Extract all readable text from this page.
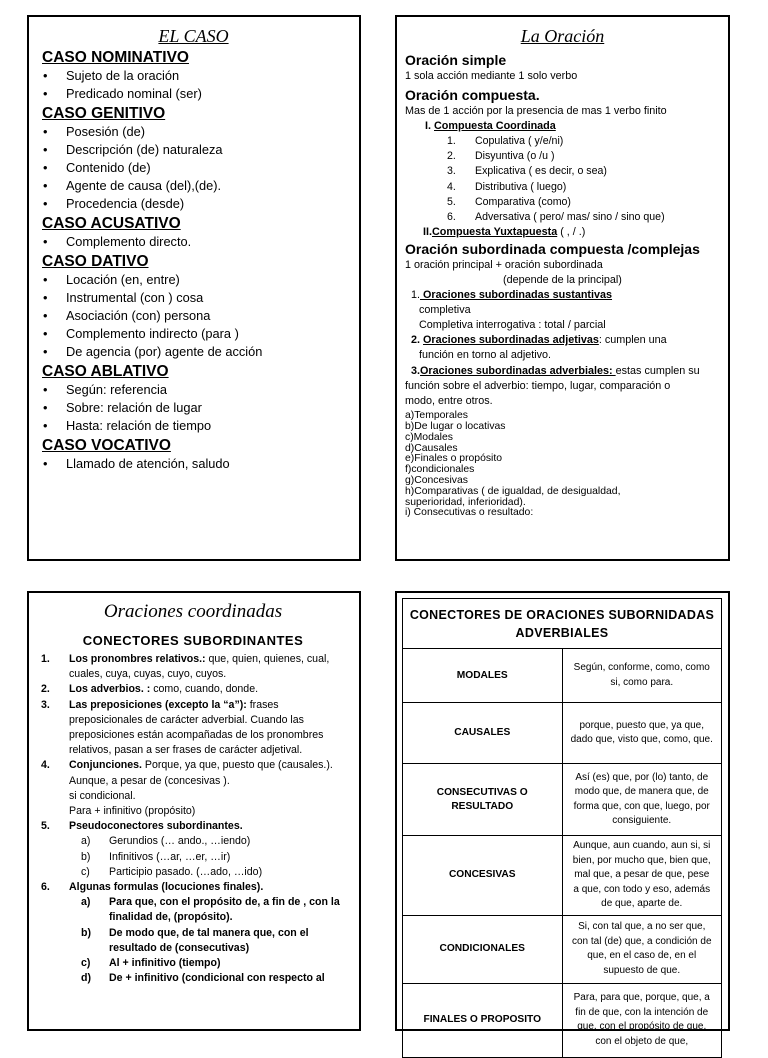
EL CASO
CASO NOMINATIVO
• Sujeto de la oración
• Predicado nominal (ser)
CASO GENITIVO
• Posesión (de)
• Descripción (de) naturaleza
• Contenido (de)
• Agente de causa (del),(de).
• Procedencia (desde)
CASO ACUSATIVO
• Complemento directo.
CASO DATIVO
• Locación (en, entre)
• Instrumental (con ) cosa
• Asociación (con) persona
• Complemento indirecto (para )
• De agencia (por) agente de acción
CASO ABLATIVO
• Según: referencia
• Sobre: relación de lugar
• Hasta: relación de tiempo
CASO VOCATIVO
• Llamado de atención, saludo
La Oración
Oración simple
1 sola acción mediante 1 solo verbo
Oración compuesta.
Mas de 1 acción por la presencia de mas 1 verbo finito
I. Compuesta Coordinada
1.	Copulativa ( y/e/ni)
2.	Disyuntiva (o /u )
3.	Explicativa ( es decir, o sea)
4.	Distributiva ( luego)
5.	Comparativa (como)
6.	Adversativa ( pero/ mas/ sino / sino que)
II.Compuesta Yuxtapuesta ( , / .)
Oración subordinada compuesta /complejas
1 oración principal + oración subordinada
(depende de la principal)
1. Oraciones subordinadas sustantivas
completiva
Completiva interrogativa : total / parcial
2. Oraciones subordinadas adjetivas: cumplen una
función en torno al adjetivo.
3.Oraciones subordinadas adverbiales: estas cumplen su
función sobre el adverbio: tiempo, lugar, comparación o
modo, entre otros.
a)Temporales
b)De lugar o locativas
c)Modales
d)Causales
e)Finales o propósito
f)condicionales
g)Concesivas
h)Comparativas ( de igualdad, de desigualdad,
superioridad, inferioridad).
i) Consecutivas o resultado:
Oraciones coordinadas
CONECTORES SUBORDINANTES
1.	Los pronombres relativos.: que, quien, quienes, cual, cuales, cuya, cuyas, cuyo, cuyos.
2.	Los adverbios. : como, cuando, donde.
3.	Las preposiciones (excepto la “a”): frases preposicionales de carácter adverbial. Cuando las preposiciones están acompañadas de los pronombres relativos, pasan a ser frases de carácter adjetival.
4.	Conjunciones. Porque, ya que, puesto que (causales.).
Aunque, a pesar de (concesivas ).
si condicional.
Para + infinitivo (propósito)
5.	Pseudoconectores subordinantes.
a)	Gerundios (… ando., …iendo)
b)	Infinitivos (…ar, …er, …ir)
c)	Participio pasado. (…ado, …ido)
6.	Algunas formulas (locuciones finales).
a)	Para que, con el propósito de, a fin de , con la finalidad de, (propósito).
b)	De modo que, de tal manera que, con el resultado de (consecutivas)
c)	Al + infinitivo (tiempo)
d)	De + infinitivo (condicional con respecto al
CONECTORES DE ORACIONES SUBORNIDADAS ADVERBIALES	
MODALES	Según, conforme, como, como si, como para.
CAUSALES	porque, puesto que, ya que, dado que, visto que, como, que.
CONSECUTIVAS O RESULTADO	Así (es) que, por (lo) tanto, de modo que, de manera que, de forma que, con que, luego, por consiguiente.
CONCESIVAS	Aunque, aun cuando, aun si, si bien, por mucho que, bien que, mal que, a pesar de que, pese a que, con todo y eso, además de que, aparte de.
CONDICIONALES	Si, con tal que, a no ser que, con tal (de) que, a condición de que, en el caso de, en el supuesto de que.
FINALES O PROPOSITO	Para, para que, porque, que, a fin de que, con la intención de que, con el propósito de que, con el objeto de que,
